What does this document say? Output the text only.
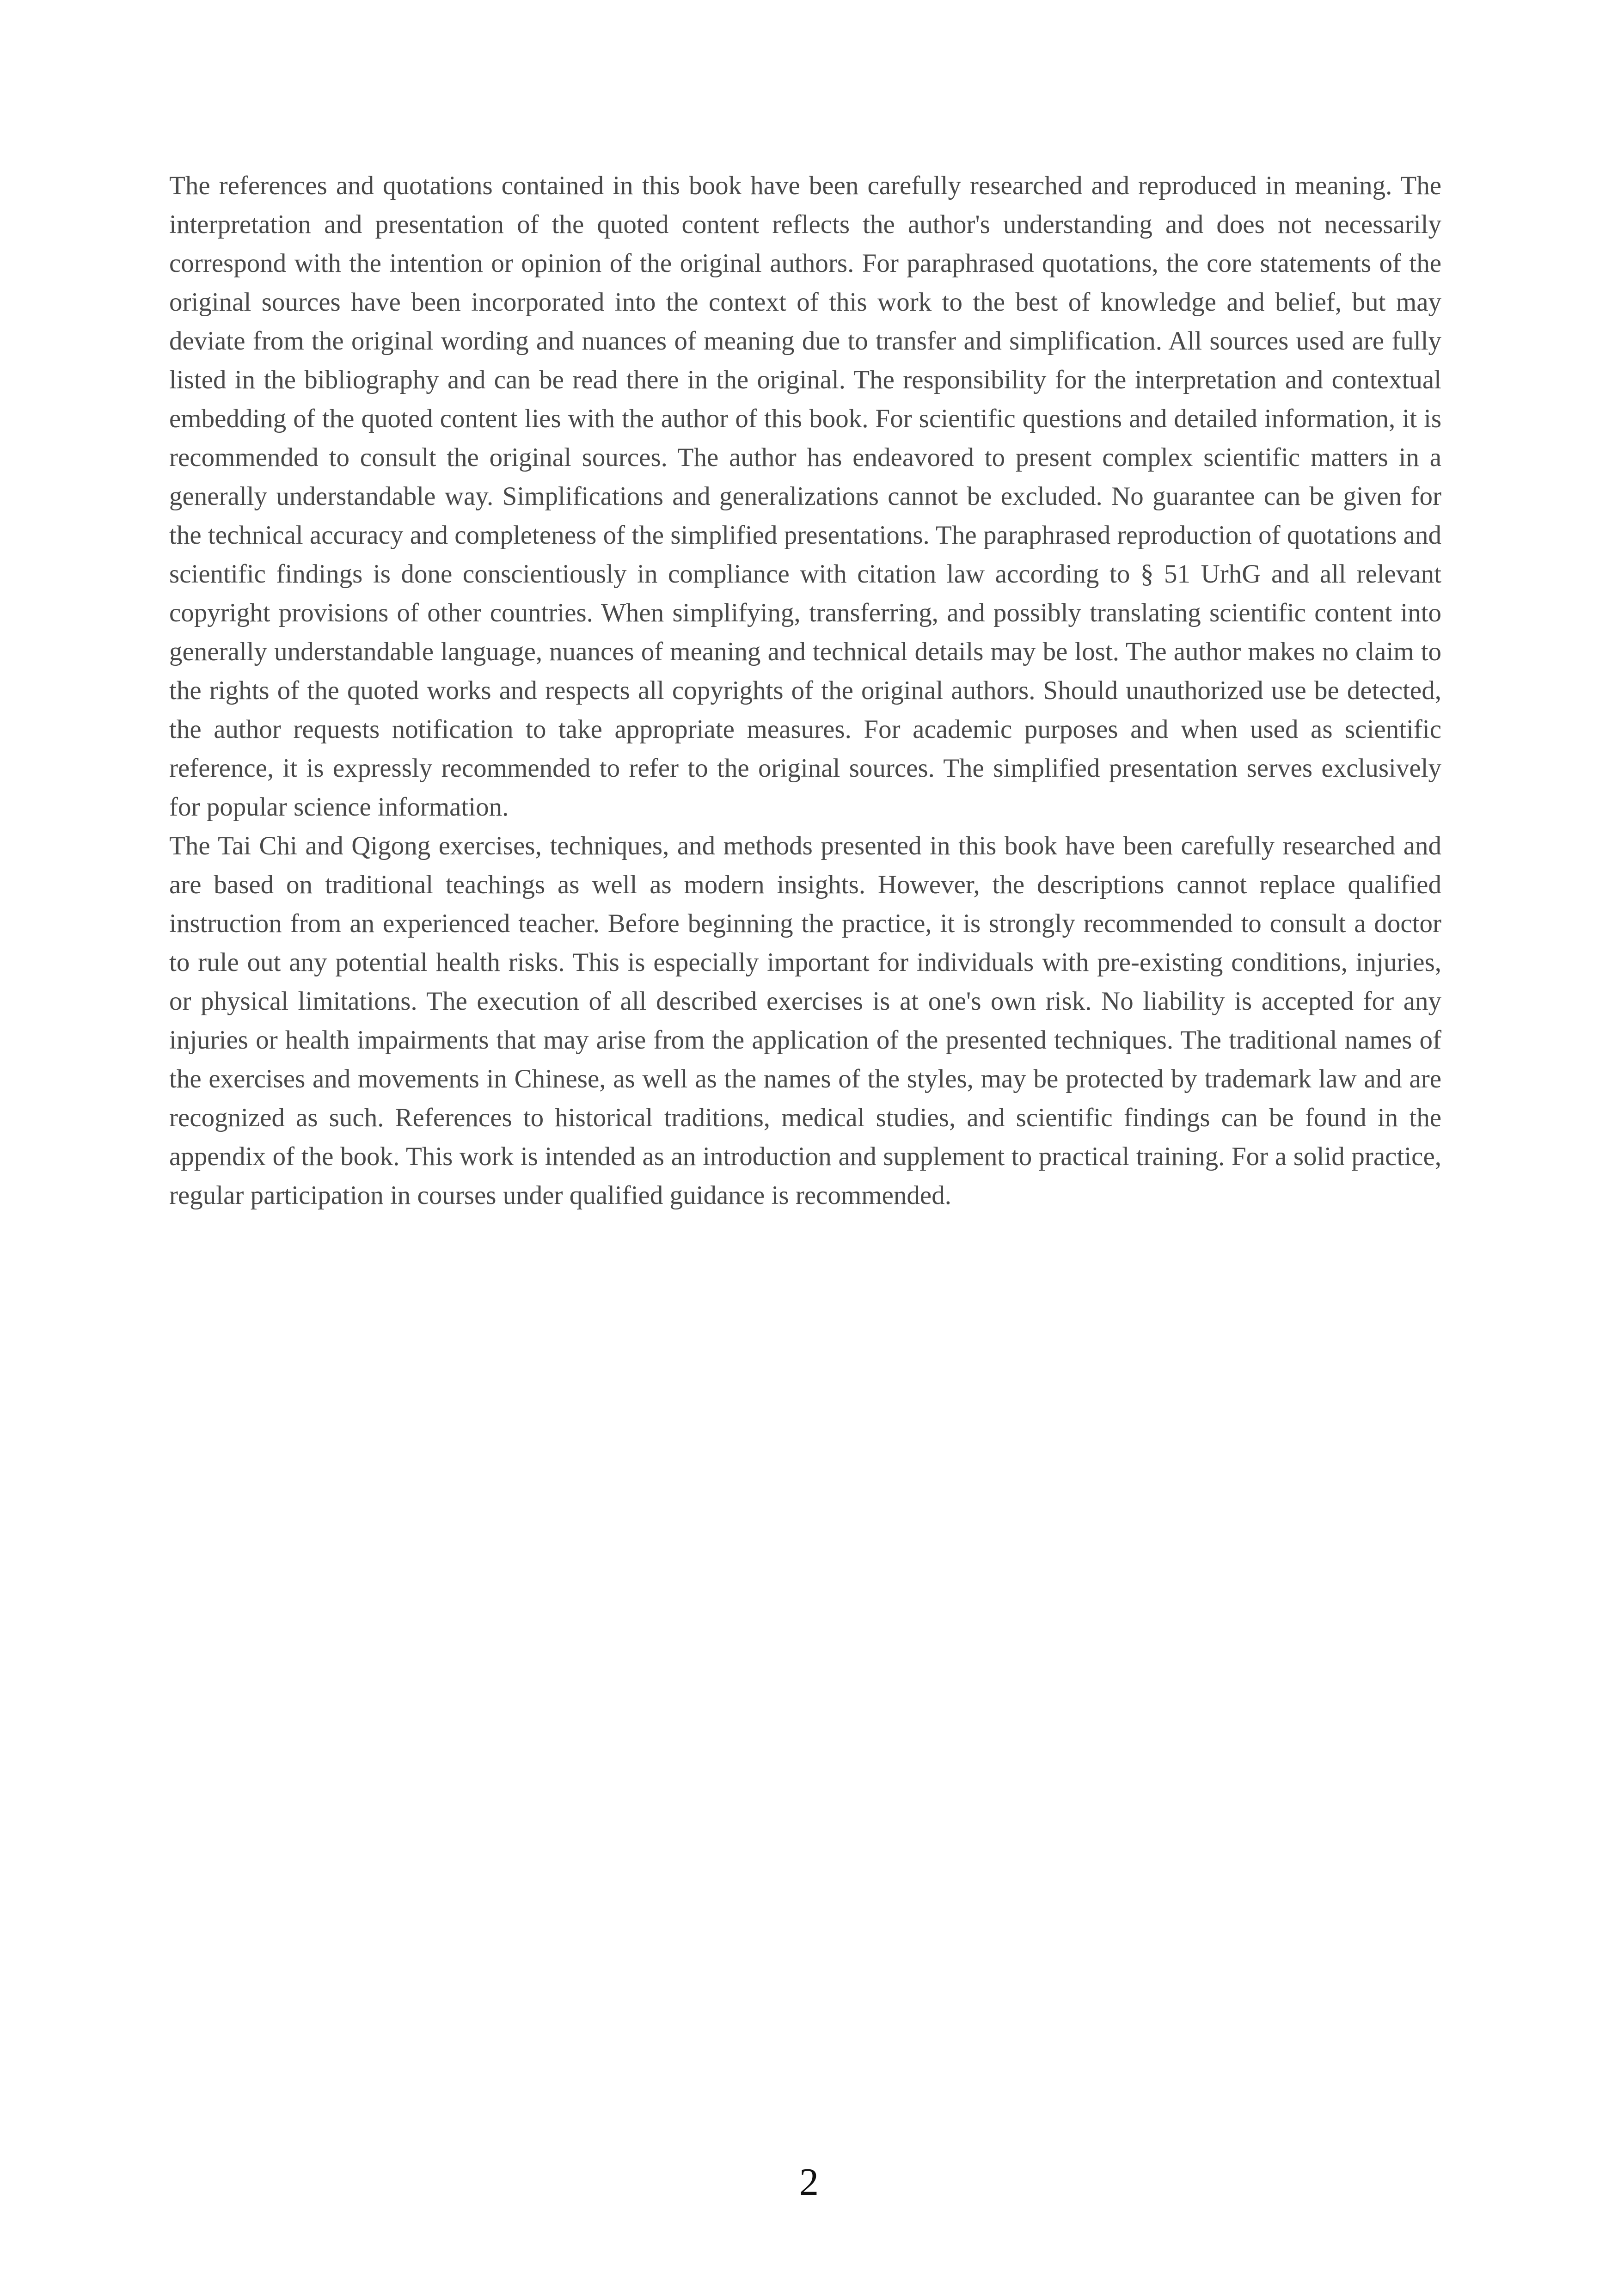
The references and quotations contained in this book have been carefully researched and reproduced in meaning. The interpretation and presentation of the quoted content reflects the author's understanding and does not necessarily correspond with the intention or opinion of the original authors. For paraphrased quotations, the core statements of the original sources have been incorporated into the context of this work to the best of knowledge and belief, but may deviate from the original wording and nuances of meaning due to transfer and simplification. All sources used are fully listed in the bibliography and can be read there in the original. The responsibility for the interpretation and contextual embedding of the quoted content lies with the author of this book. For scientific questions and detailed information, it is recommended to consult the original sources. The author has endeavored to present complex scientific matters in a generally understandable way. Simplifications and generalizations cannot be excluded. No guarantee can be given for the technical accuracy and completeness of the simplified presentations. The paraphrased reproduction of quotations and scientific findings is done conscientiously in compliance with citation law according to § 51 UrhG and all relevant copyright provisions of other countries. When simplifying, transferring, and possibly translating scientific content into generally understandable language, nuances of meaning and technical details may be lost. The author makes no claim to the rights of the quoted works and respects all copyrights of the original authors. Should unauthorized use be detected, the author requests notification to take appropriate measures. For academic purposes and when used as scientific reference, it is expressly recommended to refer to the original sources. The simplified presentation serves exclusively for popular science information.

The Tai Chi and Qigong exercises, techniques, and methods presented in this book have been carefully researched and are based on traditional teachings as well as modern insights. However, the descriptions cannot replace qualified instruction from an experienced teacher. Before beginning the practice, it is strongly recommended to consult a doctor to rule out any potential health risks. This is especially important for individuals with pre-existing conditions, injuries, or physical limitations. The execution of all described exercises is at one's own risk. No liability is accepted for any injuries or health impairments that may arise from the application of the presented techniques. The traditional names of the exercises and movements in Chinese, as well as the names of the styles, may be protected by trademark law and are recognized as such. References to historical traditions, medical studies, and scientific findings can be found in the appendix of the book. This work is intended as an introduction and supplement to practical training. For a solid practice, regular participation in courses under qualified guidance is recommended.

2
